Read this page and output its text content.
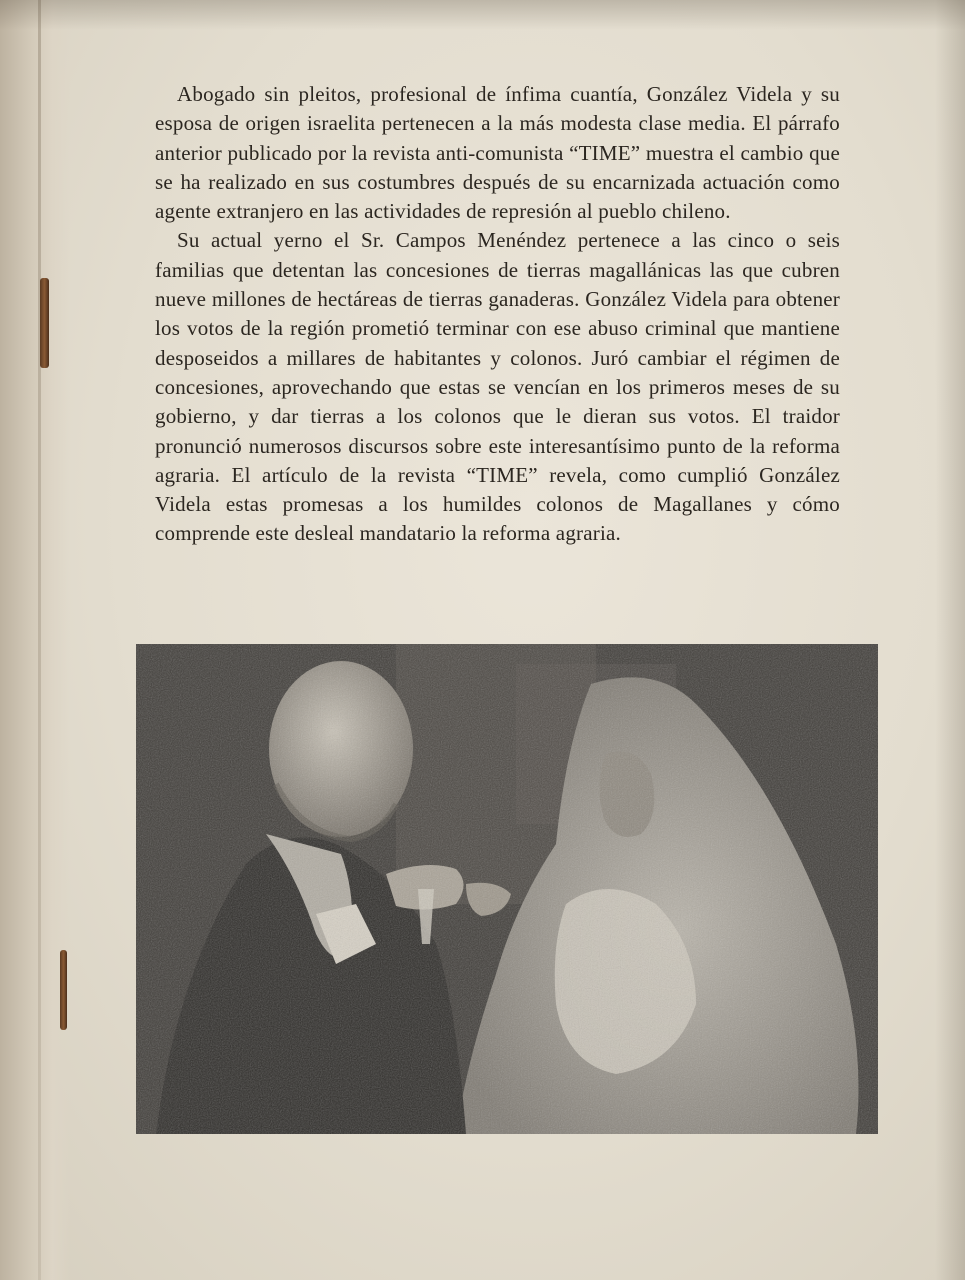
Abogado sin pleitos, profesional de ínfima cuantía, González Videla y su esposa de origen israelita pertenecen a la más modesta clase media. El párrafo anterior publicado por la revista anti-comunista “TIME” muestra el cambio que se ha realizado en sus costumbres después de su encarnizada actuación como agente extranjero en las actividades de represión al pueblo chileno.

Su actual yerno el Sr. Campos Menéndez pertenece a las cinco o seis familias que detentan las concesiones de tierras magallánicas las que cubren nueve millones de hectáreas de tierras ganaderas. González Videla para obtener los votos de la región prometió terminar con ese abuso criminal que mantiene desposeidos a millares de habitantes y colonos. Juró cambiar el régimen de concesiones, aprovechando que estas se vencían en los primeros meses de su gobierno, y dar tierras a los colonos que le dieran sus votos. El traidor pronunció numerosos discursos sobre este interesantísimo punto de la reforma agraria. El artículo de la revista “TIME” revela, como cumplió González Videla estas promesas a los humildes colonos de Magallanes y cómo comprende este desleal mandatario la reforma agraria.
